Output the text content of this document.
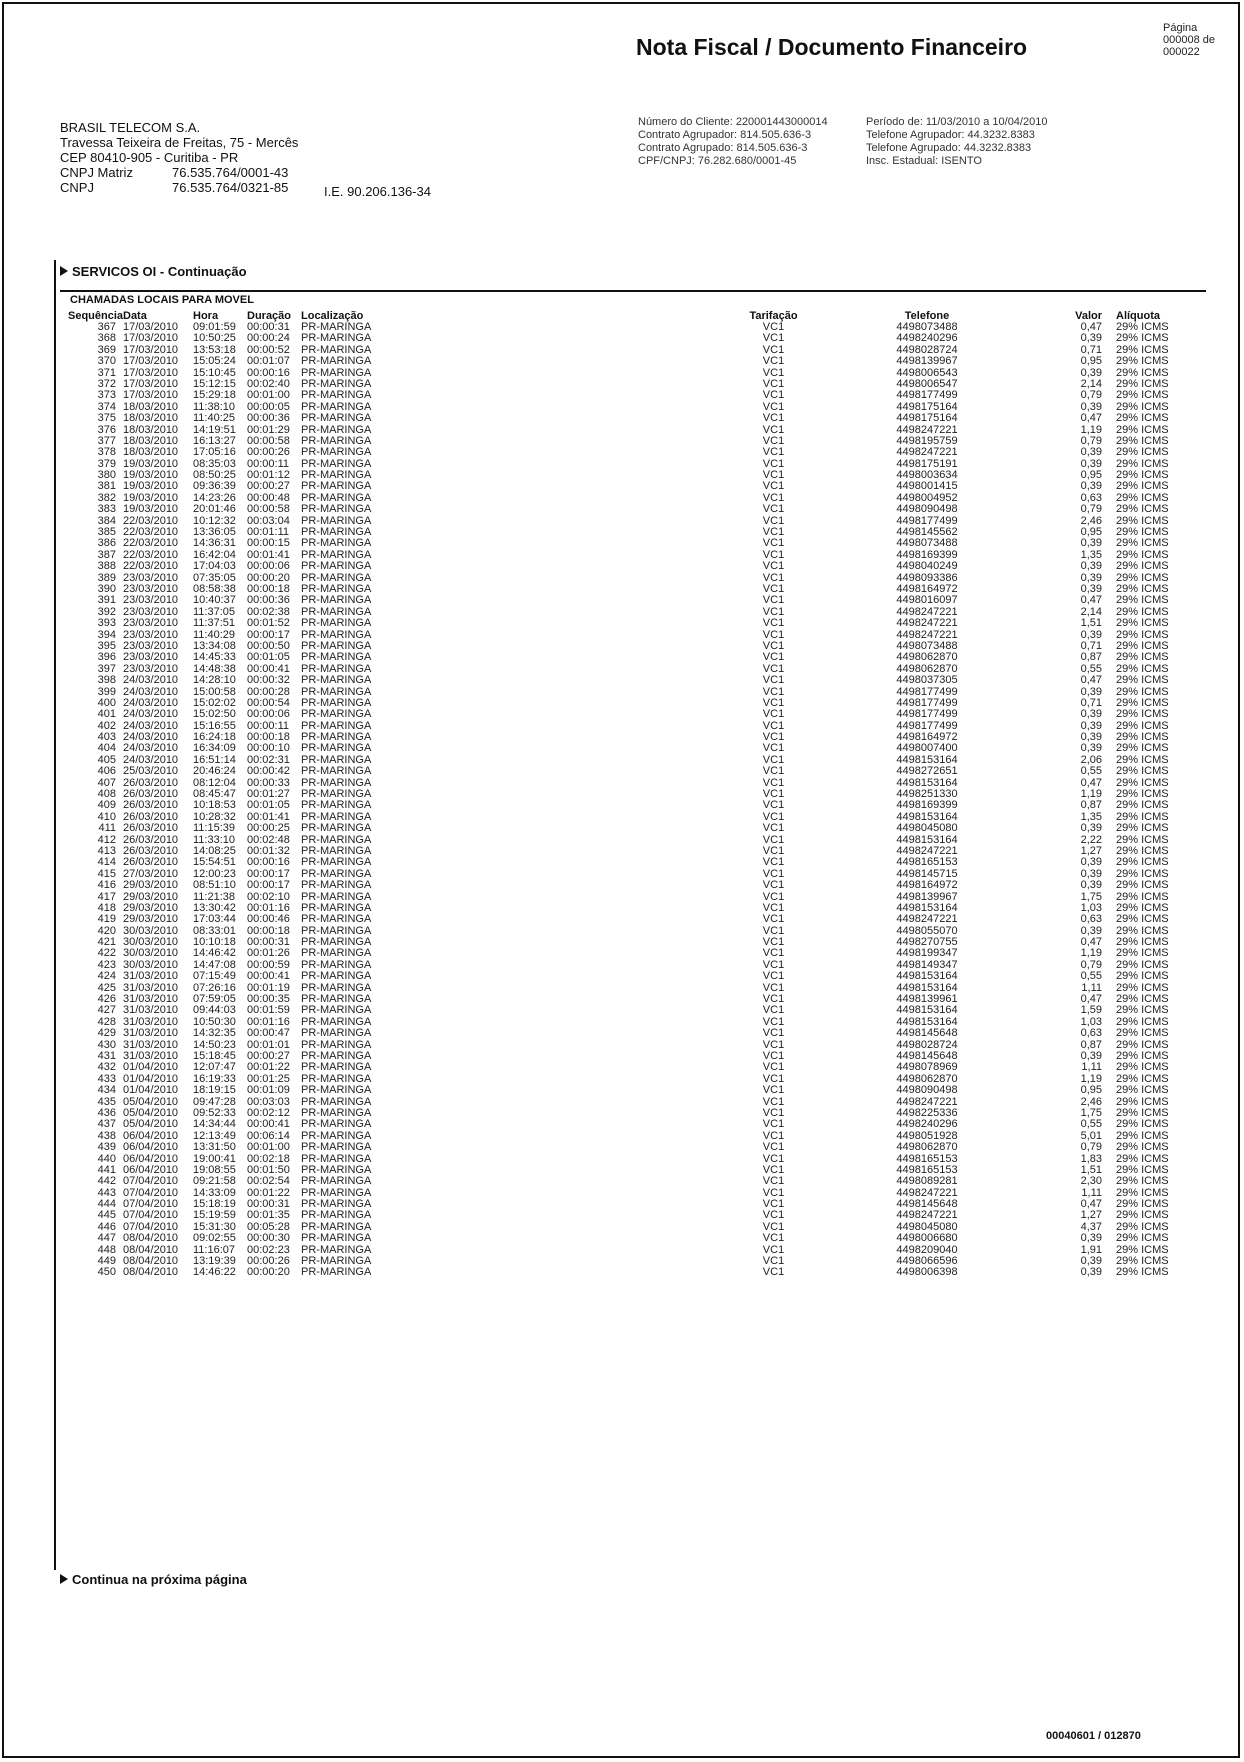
Página
000008 de
000022
Nota Fiscal / Documento Financeiro
BRASIL TELECOM S.A.
Travessa Teixeira de Freitas, 75 - Mercês
CEP 80410-905 - Curitiba - PR
CNPJ Matriz	76.535.764/0001-43
CNPJ	76.535.764/0321-85	I.E. 90.206.136-34
Número do Cliente: 220001443000014
Contrato Agrupador: 814.505.636-3
Contrato Agrupado: 814.505.636-3
CPF/CNPJ: 76.282.680/0001-45
Período de: 11/03/2010 a 10/04/2010
Telefone Agrupador: 44.3232.8383
Telefone Agrupado: 44.3232.8383
Insc. Estadual: ISENTO
SERVICOS OI - Continuação
CHAMADAS LOCAIS PARA MOVEL
Sequência Data	Hora	Duração Localização	Tarifação	Telefone	Valor	Alíquota
367 17/03/2010	09:01:59	00:00:31	PR-MARINGA	VC1	4498073488	0,47	29% ICMS
368 17/03/2010	10:50:25	00:00:24	PR-MARINGA	VC1	4498240296	0,39	29% ICMS
369 17/03/2010	13:53:18	00:00:52	PR-MARINGA	VC1	4498028724	0,71	29% ICMS
370 17/03/2010	15:05:24	00:01:07	PR-MARINGA	VC1	4498139967	0,95	29% ICMS
371 17/03/2010	15:10:45	00:00:16	PR-MARINGA	VC1	4498006543	0,39	29% ICMS
372 17/03/2010	15:12:15	00:02:40	PR-MARINGA	VC1	4498006547	2,14	29% ICMS
373 17/03/2010	15:29:18	00:01:00	PR-MARINGA	VC1	4498177499	0,79	29% ICMS
374 18/03/2010	11:38:10	00:00:05	PR-MARINGA	VC1	4498175164	0,39	29% ICMS
375 18/03/2010	11:40:25	00:00:36	PR-MARINGA	VC1	4498175164	0,47	29% ICMS
376 18/03/2010	14:19:51	00:01:29	PR-MARINGA	VC1	4498247221	1,19	29% ICMS
377 18/03/2010	16:13:27	00:00:58	PR-MARINGA	VC1	4498195759	0,79	29% ICMS
378 18/03/2010	17:05:16	00:00:26	PR-MARINGA	VC1	4498247221	0,39	29% ICMS
379 19/03/2010	08:35:03	00:00:11	PR-MARINGA	VC1	4498175191	0,39	29% ICMS
380 19/03/2010	08:50:25	00:01:12	PR-MARINGA	VC1	4498003634	0,95	29% ICMS
381 19/03/2010	09:36:39	00:00:27	PR-MARINGA	VC1	4498001415	0,39	29% ICMS
382 19/03/2010	14:23:26	00:00:48	PR-MARINGA	VC1	4498004952	0,63	29% ICMS
383 19/03/2010	20:01:46	00:00:58	PR-MARINGA	VC1	4498090498	0,79	29% ICMS
384 22/03/2010	10:12:32	00:03:04	PR-MARINGA	VC1	4498177499	2,46	29% ICMS
385 22/03/2010	13:36:05	00:01:11	PR-MARINGA	VC1	4498145562	0,95	29% ICMS
386 22/03/2010	14:36:31	00:00:15	PR-MARINGA	VC1	4498073488	0,39	29% ICMS
387 22/03/2010	16:42:04	00:01:41	PR-MARINGA	VC1	4498169399	1,35	29% ICMS
388 22/03/2010	17:04:03	00:00:06	PR-MARINGA	VC1	4498040249	0,39	29% ICMS
389 23/03/2010	07:35:05	00:00:20	PR-MARINGA	VC1	4498093386	0,39	29% ICMS
390 23/03/2010	08:58:38	00:00:18	PR-MARINGA	VC1	4498164972	0,39	29% ICMS
391 23/03/2010	10:40:37	00:00:36	PR-MARINGA	VC1	4498016097	0,47	29% ICMS
392 23/03/2010	11:37:05	00:02:38	PR-MARINGA	VC1	4498247221	2,14	29% ICMS
393 23/03/2010	11:37:51	00:01:52	PR-MARINGA	VC1	4498247221	1,51	29% ICMS
394 23/03/2010	11:40:29	00:00:17	PR-MARINGA	VC1	4498247221	0,39	29% ICMS
395 23/03/2010	13:34:08	00:00:50	PR-MARINGA	VC1	4498073488	0,71	29% ICMS
396 23/03/2010	14:45:33	00:01:05	PR-MARINGA	VC1	4498062870	0,87	29% ICMS
397 23/03/2010	14:48:38	00:00:41	PR-MARINGA	VC1	4498062870	0,55	29% ICMS
398 24/03/2010	14:28:10	00:00:32	PR-MARINGA	VC1	4498037305	0,47	29% ICMS
399 24/03/2010	15:00:58	00:00:28	PR-MARINGA	VC1	4498177499	0,39	29% ICMS
400 24/03/2010	15:02:02	00:00:54	PR-MARINGA	VC1	4498177499	0,71	29% ICMS
401 24/03/2010	15:02:50	00:00:06	PR-MARINGA	VC1	4498177499	0,39	29% ICMS
402 24/03/2010	15:16:55	00:00:11	PR-MARINGA	VC1	4498177499	0,39	29% ICMS
403 24/03/2010	16:24:18	00:00:18	PR-MARINGA	VC1	4498164972	0,39	29% ICMS
404 24/03/2010	16:34:09	00:00:10	PR-MARINGA	VC1	4498007400	0,39	29% ICMS
405 24/03/2010	16:51:14	00:02:31	PR-MARINGA	VC1	4498153164	2,06	29% ICMS
406 25/03/2010	20:46:24	00:00:42	PR-MARINGA	VC1	4498272651	0,55	29% ICMS
407 26/03/2010	08:12:04	00:00:33	PR-MARINGA	VC1	4498153164	0,47	29% ICMS
408 26/03/2010	08:45:47	00:01:27	PR-MARINGA	VC1	4498251330	1,19	29% ICMS
409 26/03/2010	10:18:53	00:01:05	PR-MARINGA	VC1	4498169399	0,87	29% ICMS
410 26/03/2010	10:28:32	00:01:41	PR-MARINGA	VC1	4498153164	1,35	29% ICMS
411 26/03/2010	11:15:39	00:00:25	PR-MARINGA	VC1	4498045080	0,39	29% ICMS
412 26/03/2010	11:33:10	00:02:48	PR-MARINGA	VC1	4498153164	2,22	29% ICMS
413 26/03/2010	14:08:25	00:01:32	PR-MARINGA	VC1	4498247221	1,27	29% ICMS
414 26/03/2010	15:54:51	00:00:16	PR-MARINGA	VC1	4498165153	0,39	29% ICMS
415 27/03/2010	12:00:23	00:00:17	PR-MARINGA	VC1	4498145715	0,39	29% ICMS
416 29/03/2010	08:51:10	00:00:17	PR-MARINGA	VC1	4498164972	0,39	29% ICMS
417 29/03/2010	11:21:38	00:02:10	PR-MARINGA	VC1	4498139967	1,75	29% ICMS
418 29/03/2010	13:30:42	00:01:16	PR-MARINGA	VC1	4498153164	1,03	29% ICMS
419 29/03/2010	17:03:44	00:00:46	PR-MARINGA	VC1	4498247221	0,63	29% ICMS
420 30/03/2010	08:33:01	00:00:18	PR-MARINGA	VC1	4498055070	0,39	29% ICMS
421 30/03/2010	10:10:18	00:00:31	PR-MARINGA	VC1	4498270755	0,47	29% ICMS
422 30/03/2010	14:46:42	00:01:26	PR-MARINGA	VC1	4498199347	1,19	29% ICMS
423 30/03/2010	14:47:08	00:00:59	PR-MARINGA	VC1	4498149347	0,79	29% ICMS
424 31/03/2010	07:15:49	00:00:41	PR-MARINGA	VC1	4498153164	0,55	29% ICMS
425 31/03/2010	07:26:16	00:01:19	PR-MARINGA	VC1	4498153164	1,11	29% ICMS
426 31/03/2010	07:59:05	00:00:35	PR-MARINGA	VC1	4498139961	0,47	29% ICMS
427 31/03/2010	09:44:03	00:01:59	PR-MARINGA	VC1	4498153164	1,59	29% ICMS
428 31/03/2010	10:50:30	00:01:16	PR-MARINGA	VC1	4498153164	1,03	29% ICMS
429 31/03/2010	14:32:35	00:00:47	PR-MARINGA	VC1	4498145648	0,63	29% ICMS
430 31/03/2010	14:50:23	00:01:01	PR-MARINGA	VC1	4498028724	0,87	29% ICMS
431 31/03/2010	15:18:45	00:00:27	PR-MARINGA	VC1	4498145648	0,39	29% ICMS
432 01/04/2010	12:07:47	00:01:22	PR-MARINGA	VC1	4498078969	1,11	29% ICMS
433 01/04/2010	16:19:33	00:01:25	PR-MARINGA	VC1	4498062870	1,19	29% ICMS
434 01/04/2010	18:19:15	00:01:09	PR-MARINGA	VC1	4498090498	0,95	29% ICMS
435 05/04/2010	09:47:28	00:03:03	PR-MARINGA	VC1	4498247221	2,46	29% ICMS
436 05/04/2010	09:52:33	00:02:12	PR-MARINGA	VC1	4498225336	1,75	29% ICMS
437 05/04/2010	14:34:44	00:00:41	PR-MARINGA	VC1	4498240296	0,55	29% ICMS
438 06/04/2010	12:13:49	00:06:14	PR-MARINGA	VC1	4498051928	5,01	29% ICMS
439 06/04/2010	13:31:50	00:01:00	PR-MARINGA	VC1	4498062870	0,79	29% ICMS
440 06/04/2010	19:00:41	00:02:18	PR-MARINGA	VC1	4498165153	1,83	29% ICMS
441 06/04/2010	19:08:55	00:01:50	PR-MARINGA	VC1	4498165153	1,51	29% ICMS
442 07/04/2010	09:21:58	00:02:54	PR-MARINGA	VC1	4498089281	2,30	29% ICMS
443 07/04/2010	14:33:09	00:01:22	PR-MARINGA	VC1	4498247221	1,11	29% ICMS
444 07/04/2010	15:18:19	00:00:31	PR-MARINGA	VC1	4498145648	0,47	29% ICMS
445 07/04/2010	15:19:59	00:01:35	PR-MARINGA	VC1	4498247221	1,27	29% ICMS
446 07/04/2010	15:31:30	00:05:28	PR-MARINGA	VC1	4498045080	4,37	29% ICMS
447 08/04/2010	09:02:55	00:00:30	PR-MARINGA	VC1	4498006680	0,39	29% ICMS
448 08/04/2010	11:16:07	00:02:23	PR-MARINGA	VC1	4498209040	1,91	29% ICMS
449 08/04/2010	13:19:39	00:00:26	PR-MARINGA	VC1	4498066596	0,39	29% ICMS
450 08/04/2010	14:46:22	00:00:20	PR-MARINGA	VC1	4498006398	0,39	29% ICMS
Continua na próxima página
00040601 / 012870
